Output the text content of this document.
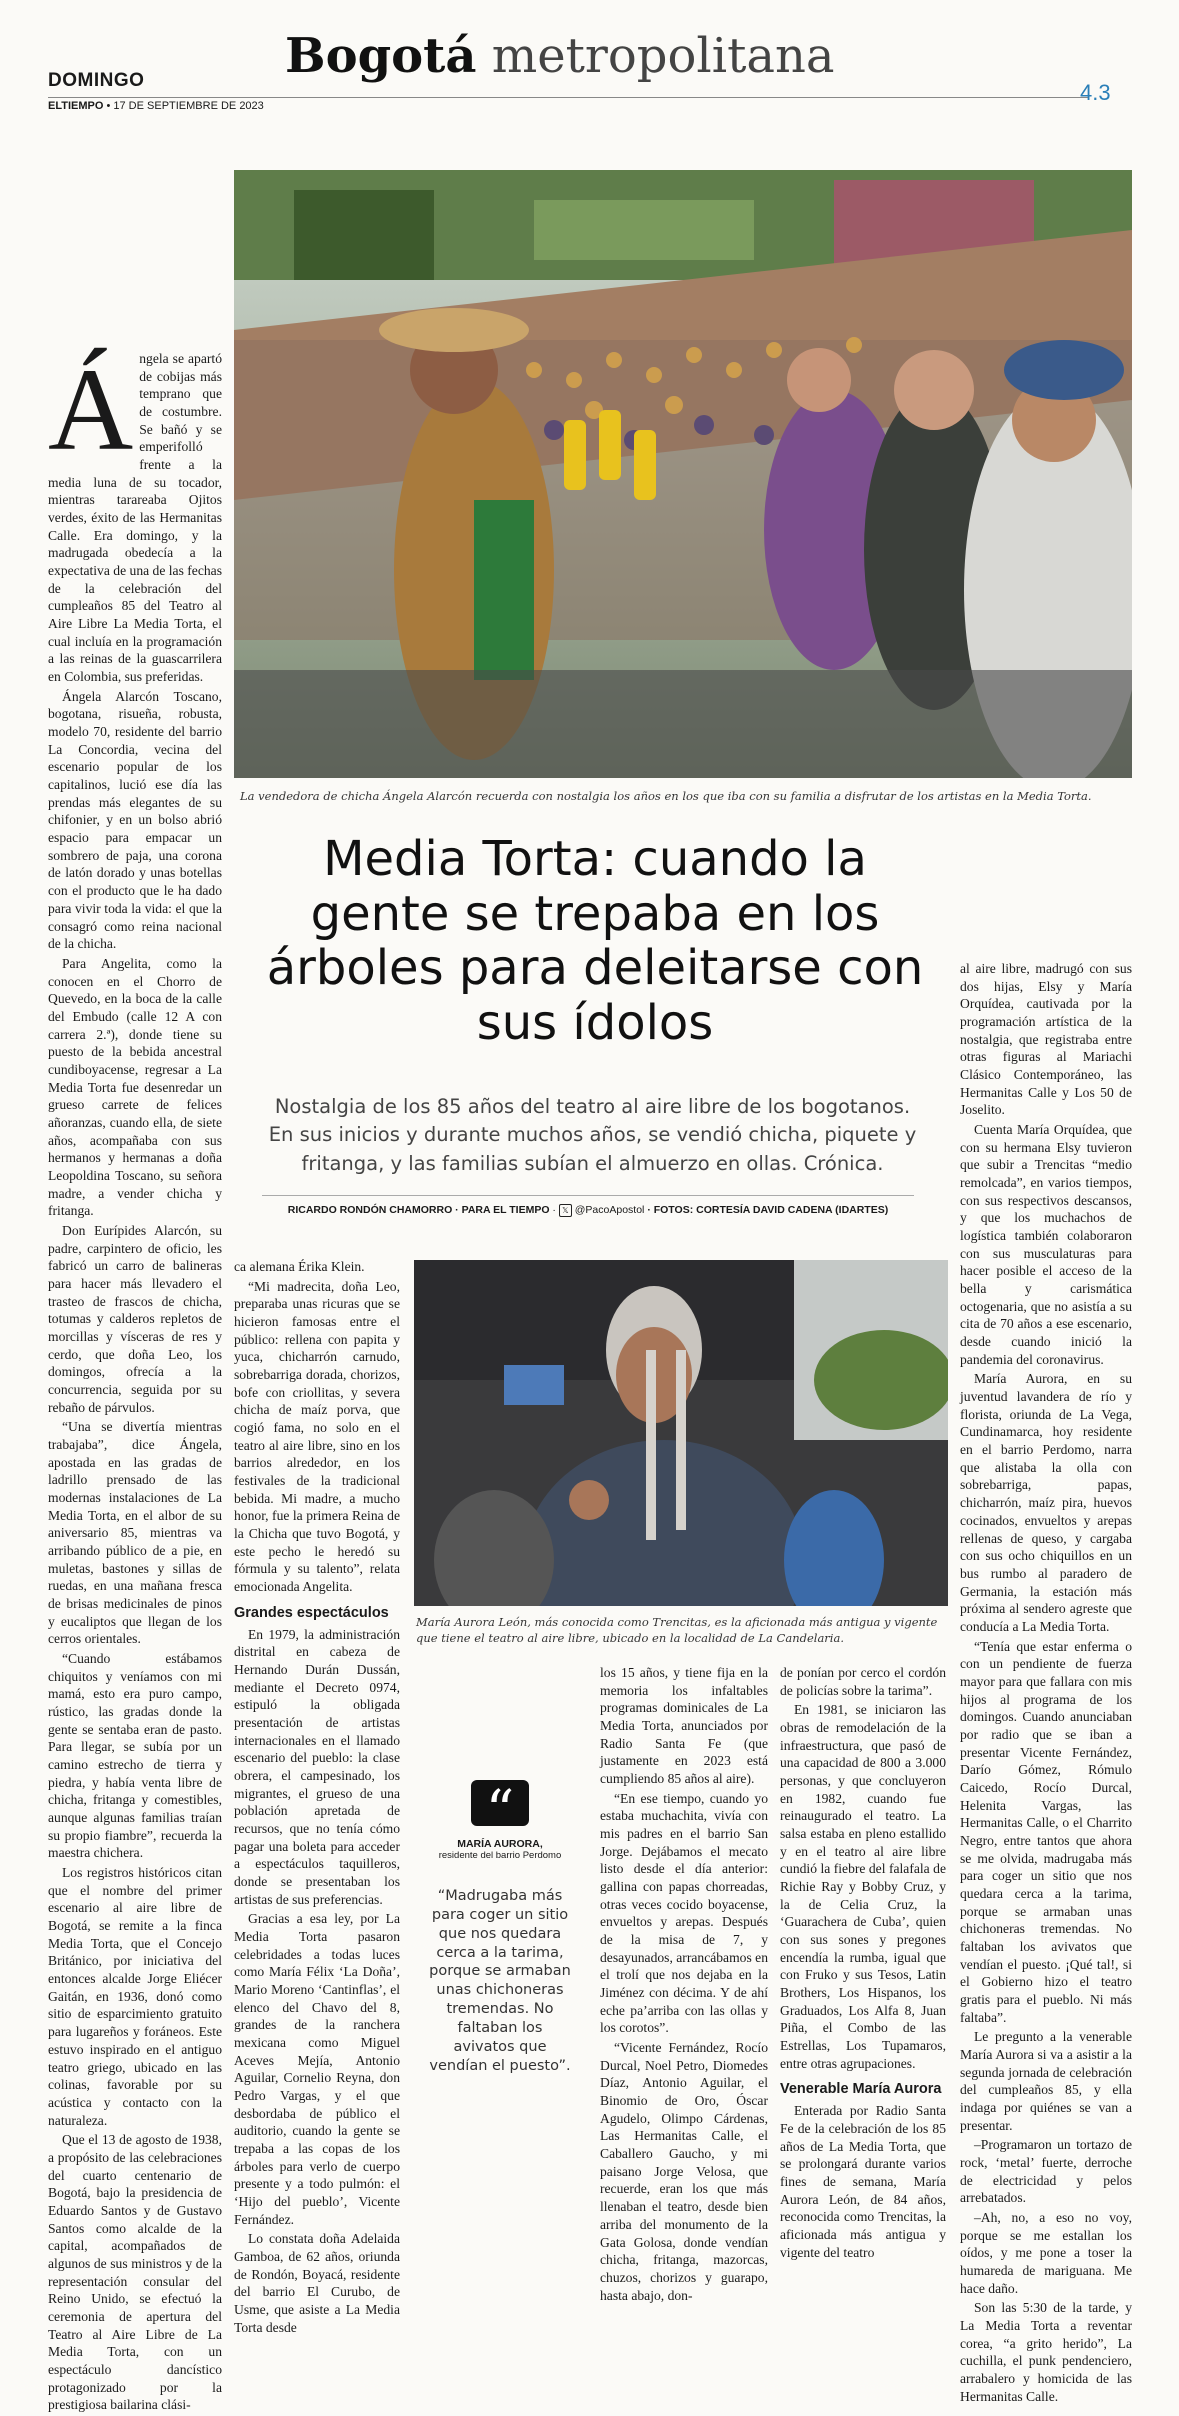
DOMINGO	Bogotá metropolitana
ELTIEMPO • 17 DE SEPTIEMBRE DE 2023
4.3
La vendedora de chicha Ángela Alarcón recuerda con nostalgia los años en los que iba con su familia a disfrutar de los artistas en la Media Torta.
Media Torta: cuando la gente se trepaba en los árboles para deleitarse con sus ídolos
Nostalgia de los 85 años del teatro al aire libre de los bogotanos. En sus inicios y durante muchos años, se vendió chicha, piquete y fritanga, y las familias subían el almuerzo en ollas. Crónica.
RICARDO RONDÓN CHAMORRO · PARA EL TIEMPO · 𝕏 @PacoApostol · FOTOS: CORTESÍA DAVID CADENA (IDARTES)
María Aurora León, más conocida como Trencitas, es la aficionada más antigua y vigente que tiene el teatro al aire libre, ubicado en la localidad de La Candelaria.
“
MARÍA AURORA,
residente del barrio Perdomo
“Madrugaba más para coger un sitio que nos quedara cerca a la tarima, porque se armaban unas chichoneras tremendas. No faltaban los avivatos que vendían el puesto”.
Á ngela se apartó de cobijas más temprano que de costumbre. Se bañó y se emperifolló frente a la media luna de su tocador, mientras tarareaba Ojitos verdes, éxito de las Hermanitas Calle. Era domingo, y la madrugada obedecía a la expectativa de una de las fechas de la celebración del cumpleaños 85 del Teatro al Aire Libre La Media Torta, el cual incluía en la programación a las reinas de la guascarrilera en Colombia, sus preferidas.

Ángela Alarcón Toscano, bogotana, risueña, robusta, modelo 70, residente del barrio La Concordia, vecina del escenario popular de los capitalinos, lució ese día las prendas más elegantes de su chifonier, y en un bolso abrió espacio para empacar un sombrero de paja, una corona de latón dorado y unas botellas con el producto que le ha dado para vivir toda la vida: el que la consagró como reina nacional de la chicha.

Para Angelita, como la conocen en el Chorro de Quevedo, en la boca de la calle del Embudo (calle 12 A con carrera 2.ª), donde tiene su puesto de la bebida ancestral cundiboyacense, regresar a La Media Torta fue desenredar un grueso carrete de felices añoranzas, cuando ella, de siete años, acompañaba con sus hermanos y hermanas a doña Leopoldina Toscano, su señora madre, a vender chicha y fritanga.

Don Eurípides Alarcón, su padre, carpintero de oficio, les fabricó un carro de balineras para hacer más llevadero el trasteo de frascos de chicha, totumas y calderos repletos de morcillas y vísceras de res y cerdo, que doña Leo, los domingos, ofrecía a la concurrencia, seguida por su rebaño de párvulos.

“Una se divertía mientras trabajaba”, dice Ángela, apostada en las gradas de ladrillo prensado de las modernas instalaciones de La Media Torta, en el albor de su aniversario 85, mientras va arribando público de a pie, en muletas, bastones y sillas de ruedas, en una mañana fresca de brisas medicinales de pinos y eucaliptos que llegan de los cerros orientales.

“Cuando estábamos chiquitos y veníamos con mi mamá, esto era puro campo, rústico, las gradas donde la gente se sentaba eran de pasto. Para llegar, se subía por un camino estrecho de tierra y piedra, y había venta libre de chicha, fritanga y comestibles, aunque algunas familias traían su propio fiambre”, recuerda la maestra chichera.

Los registros históricos citan que el nombre del primer escenario al aire libre de Bogotá, se remite a la finca Media Torta, que el Concejo Británico, por iniciativa del entonces alcalde Jorge Eliécer Gaitán, en 1936, donó como sitio de esparcimiento gratuito para lugareños y foráneos. Este estuvo inspirado en el antiguo teatro griego, ubicado en las colinas, favorable por su acústica y contacto con la naturaleza.

Que el 13 de agosto de 1938, a propósito de las celebraciones del cuarto centenario de Bogotá, bajo la presidencia de Eduardo Santos y de Gustavo Santos como alcalde de la capital, acompañados de algunos de sus ministros y de la representación consular del Reino Unido, se efectuó la ceremonia de apertura del Teatro al Aire Libre de La Media Torta, con un espectáculo dancístico protagonizado por la prestigiosa bailarina clási-

ca alemana Érika Klein.

“Mi madrecita, doña Leo, preparaba unas ricuras que se hicieron famosas entre el público: rellena con papita y yuca, chicharrón carnudo, sobrebarriga dorada, chorizos, bofe con criollitas, y severa chicha de maíz porva, que cogió fama, no solo en el teatro al aire libre, sino en los barrios alrededor, en los festivales de la tradicional bebida. Mi madre, a mucho honor, fue la primera Reina de la Chicha que tuvo Bogotá, y este pecho le heredó su fórmula y su talento”, relata emocionada Angelita.

Grandes espectáculos

En 1979, la administración distrital en cabeza de Hernando Durán Dussán, mediante el Decreto 0974, estipuló la obligada presentación de artistas internacionales en el llamado escenario del pueblo: la clase obrera, el campesinado, los migrantes, el grueso de una población apretada de recursos, que no tenía cómo pagar una boleta para acceder a espectáculos taquilleros, donde se presentaban los artistas de sus preferencias.

Gracias a esa ley, por La Media Torta pasaron celebridades a todas luces como María Félix ‘La Doña’, Mario Moreno ‘Cantinflas’, el elenco del Chavo del 8, grandes de la ranchera mexicana como Miguel Aceves Mejía, Antonio Aguilar, Cornelio Reyna, don Pedro Vargas, y el que desbordaba de público el auditorio, cuando la gente se trepaba a las copas de los árboles para verlo de cuerpo presente y a todo pulmón: el ‘Hijo del pueblo’, Vicente Fernández.

Lo constata doña Adelaida Gamboa, de 62 años, oriunda de Rondón, Boyacá, residente del barrio El Curubo, de Usme, que asiste a La Media Torta desde

los 15 años, y tiene fija en la memoria los infaltables programas dominicales de La Media Torta, anunciados por Radio Santa Fe (que justamente en 2023 está cumpliendo 85 años al aire).

“En ese tiempo, cuando yo estaba muchachita, vivía con mis padres en el barrio San Jorge. Dejábamos el mecato listo desde el día anterior: gallina con papas chorreadas, otras veces cocido boyacense, envueltos y arepas. Después de la misa de 7, y desayunados, arrancábamos en el trolí que nos dejaba en la Jiménez con décima. Y de ahí eche pa’arriba con las ollas y los corotos”.

“Vicente Fernández, Rocío Durcal, Noel Petro, Diomedes Díaz, Antonio Aguilar, el Binomio de Oro, Óscar Agudelo, Olimpo Cárdenas, Las Hermanitas Calle, el Caballero Gaucho, y mi paisano Jorge Velosa, que recuerde, eran los que más llenaban el teatro, desde bien arriba del monumento de la Gata Golosa, donde vendían chicha, fritanga, mazorcas, chuzos, chorizos y guarapo, hasta abajo, don-

de ponían por cerco el cordón de policías sobre la tarima”.

En 1981, se iniciaron las obras de remodelación de la infraestructura, que pasó de una capacidad de 800 a 3.000 personas, y que concluyeron en 1982, cuando fue reinaugurado el teatro. La salsa estaba en pleno estallido y en el teatro al aire libre cundió la fiebre del falafala de Richie Ray y Bobby Cruz, y la de Celia Cruz, la ‘Guarachera de Cuba’, quien con sus sones y pregones encendía la rumba, igual que con Fruko y sus Tesos, Latin Brothers, Los Hispanos, los Graduados, Los Alfa 8, Juan Piña, el Combo de las Estrellas, Los Tupamaros, entre otras agrupaciones.

Venerable María Aurora

Enterada por Radio Santa Fe de la celebración de los 85 años de La Media Torta, que se prolongará durante varios fines de semana, María Aurora León, de 84 años, reconocida como Trencitas, la aficionada más antigua y vigente del teatro

al aire libre, madrugó con sus dos hijas, Elsy y María Orquídea, cautivada por la programación artística de la nostalgia, que registraba entre otras figuras al Mariachi Clásico Contemporáneo, las Hermanitas Calle y Los 50 de Joselito.

Cuenta María Orquídea, que con su hermana Elsy tuvieron que subir a Trencitas “medio remolcada”, en varios tiempos, con sus respectivos descansos, y que los muchachos de logística también colaboraron con sus musculaturas para hacer posible el acceso de la bella y carismática octogenaria, que no asistía a su cita de 70 años a ese escenario, desde cuando inició la pandemia del coronavirus.

María Aurora, en su juventud lavandera de río y florista, oriunda de La Vega, Cundinamarca, hoy residente en el barrio Perdomo, narra que alistaba la olla con sobrebarriga, papas, chicharrón, maíz pira, huevos cocinados, envueltos y arepas rellenas de queso, y cargaba con sus ocho chiquillos en un bus rumbo al paradero de Germania, la estación más próxima al sendero agreste que conducía a La Media Torta.

“Tenía que estar enferma o con un pendiente de fuerza mayor para que fallara con mis hijos al programa de los domingos. Cuando anunciaban por radio que se iban a presentar Vicente Fernández, Darío Gómez, Rómulo Caicedo, Rocío Durcal, Helenita Vargas, las Hermanitas Calle, o el Charrito Negro, entre tantos que ahora se me olvida, madrugaba más para coger un sitio que nos quedara cerca a la tarima, porque se armaban unas chichoneras tremendas. No faltaban los avivatos que vendían el puesto. ¡Qué tal!, si el Gobierno hizo el teatro gratis para el pueblo. Ni más faltaba”.

Le pregunto a la venerable María Aurora si va a asistir a la segunda jornada de celebración del cumpleaños 85, y ella indaga por quiénes se van a presentar.

–Programaron un tortazo de rock, ‘metal’ fuerte, derroche de electricidad y pelos arrebatados.

–Ah, no, a eso no voy, porque se me estallan los oídos, y me pone a toser la humareda de mariguana. Me hace daño.

Son las 5:30 de la tarde, y La Media Torta a reventar corea, “a grito herido”, La cuchilla, el punk pendenciero, arrabalero y homicida de las Hermanitas Calle.
